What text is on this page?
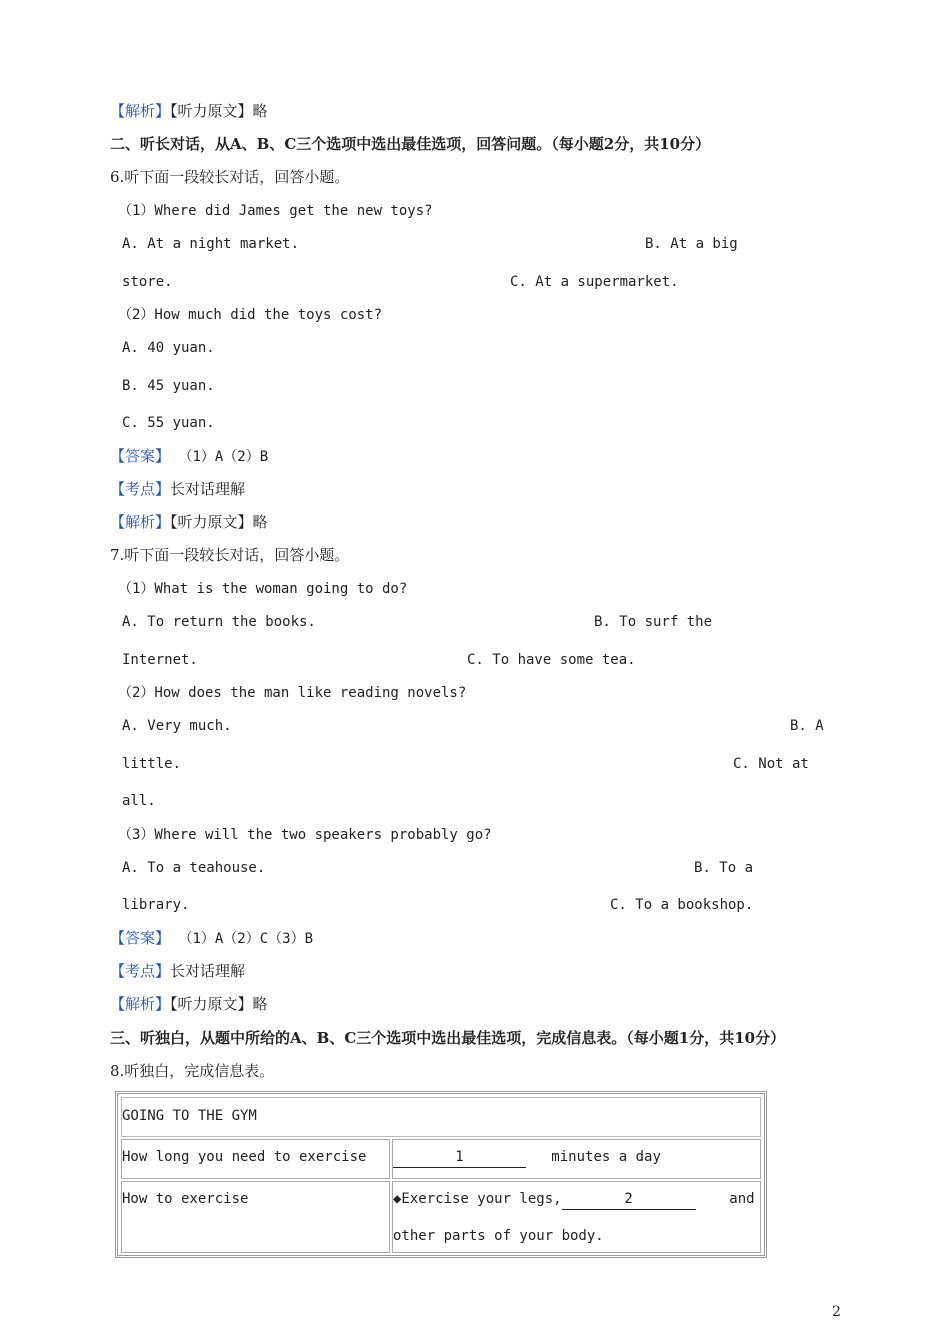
【解析】【听力原文】略
二、听长对话，从A、B、C三个选项中选出最佳选项，回答问题。（每小题2分，共10分）
6.听下面一段较长对话，回答小题。
（1）Where did James get the new toys?
A. At a night market.	B. At a big
store.	C. At a supermarket.
（2）How much did the toys cost?
A. 40 yuan.
B. 45 yuan.
C. 55 yuan.
【答案】 （1）A（2）B
【考点】长对话理解
【解析】【听力原文】略
7.听下面一段较长对话，回答小题。
（1）What is the woman going to do?
A. To return the books.	B. To surf the
Internet.	C. To have some tea.
（2）How does the man like reading novels?
A. Very much.	B. A
little.	C. Not at
all.
（3）Where will the two speakers probably go?
A. To a teahouse.	B. To a
library.	C. To a bookshop.
【答案】 （1）A（2）C（3）B
【考点】长对话理解
【解析】【听力原文】略
三、听独白，从题中所给的A、B、C三个选项中选出最佳选项，完成信息表。（每小题1分，共10分）
8.听独白，完成信息表。
GOING TO THE GYM
How long you need to exercise	1	minutes a day
How to exercise	◆Exercise your legs,	2	and
other parts of your body.
2
